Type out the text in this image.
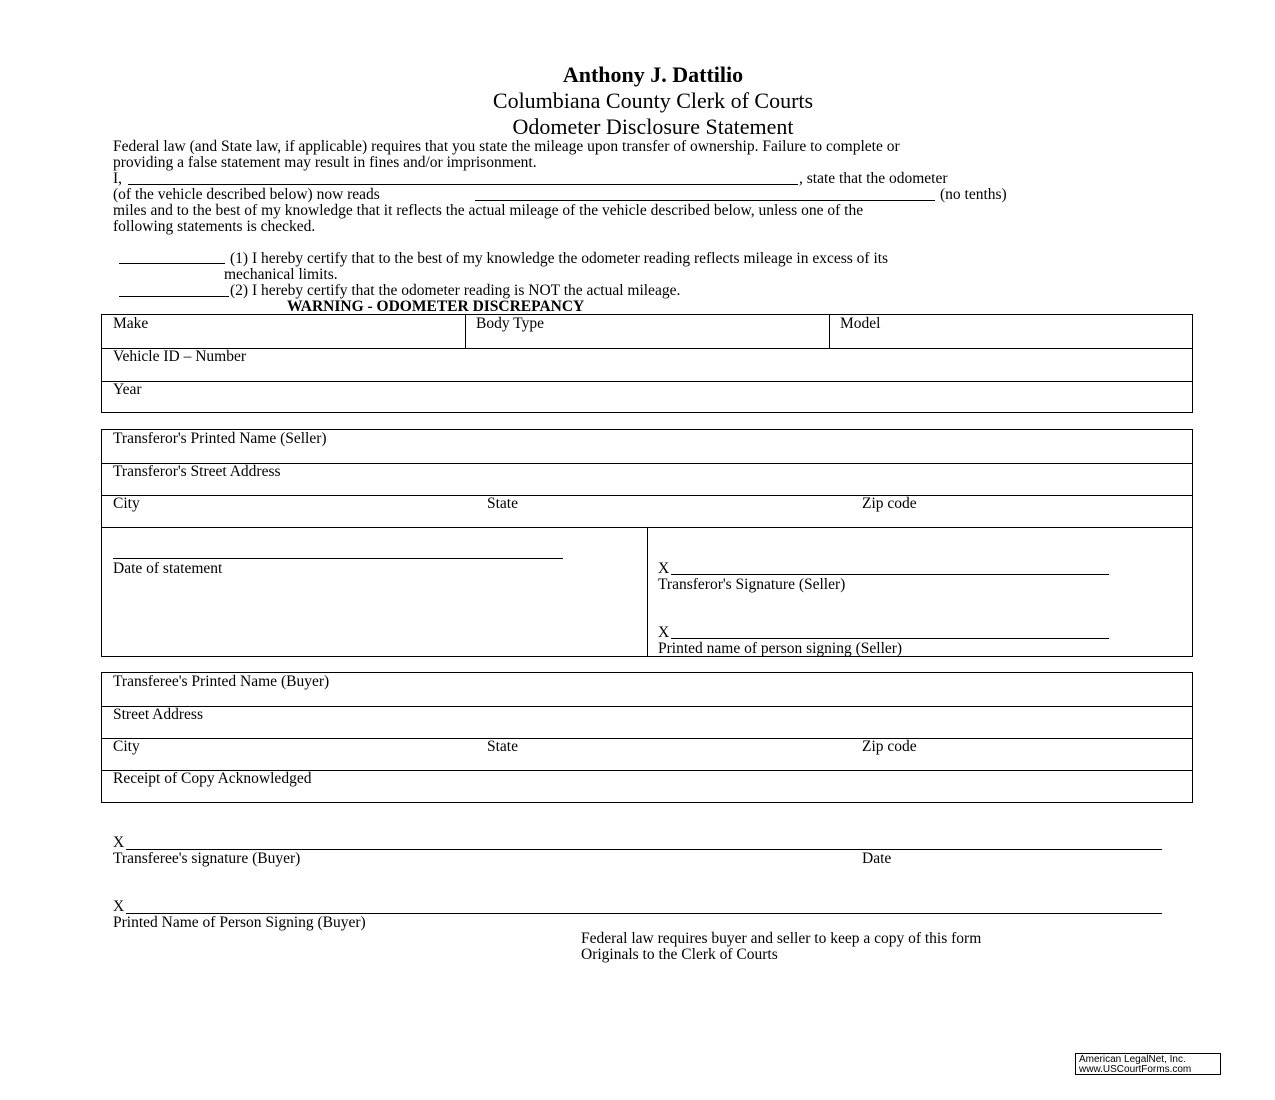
Anthony J. Dattilio
Columbiana County Clerk of Courts
Odometer Disclosure Statement
Federal law (and State law, if applicable) requires that you state the mileage upon transfer of ownership. Failure to complete or
providing a false statement may result in fines and/or imprisonment.
I,	, state that the odometer
(of the vehicle described below) now reads	(no tenths)
miles and to the best of my knowledge that it reflects the actual mileage of the vehicle described below, unless one of the
following statements is checked.
(1) I hereby certify that to the best of my knowledge the odometer reading reflects mileage in excess of its
mechanical limits.
(2) I hereby certify that the odometer reading is NOT the actual mileage.
WARNING - ODOMETER DISCREPANCY
Make	Body Type	Model
Vehicle ID – Number
Year
Transferor's Printed Name (Seller)
Transferor's Street Address
City	State	Zip code
Date of statement	X
Transferor's Signature (Seller)
X
Printed name of person signing (Seller)
Transferee's Printed Name (Buyer)
Street Address
City	State	Zip code
Receipt of Copy Acknowledged
X
Transferee's signature (Buyer)	Date
X
Printed Name of Person Signing (Buyer)
Federal law requires buyer and seller to keep a copy of this form
Originals to the Clerk of Courts
American LegalNet, Inc.
www.USCourtForms.com
